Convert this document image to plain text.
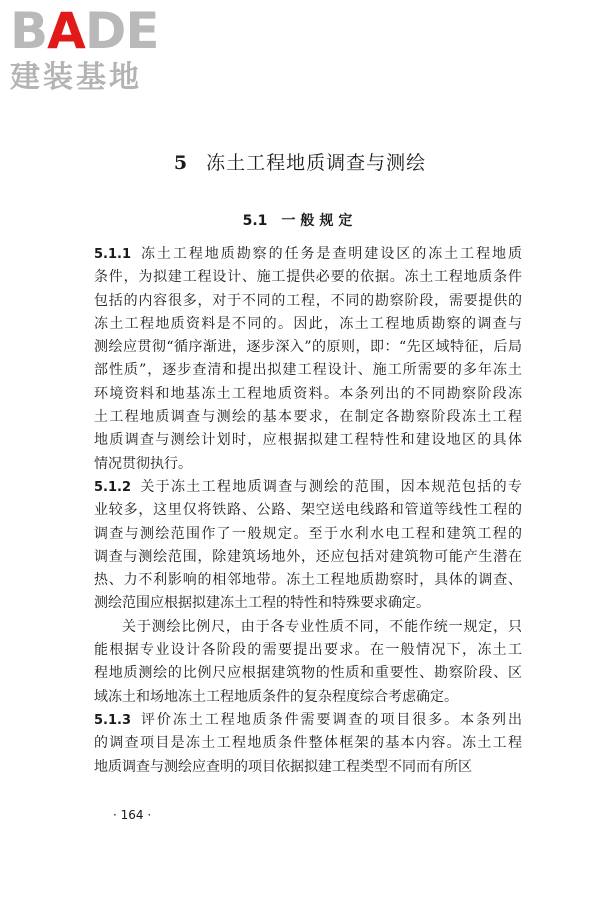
BADE
建装基地
5 冻土工程地质调查与测绘
5.1 一般规定
5.1.1 冻土工程地质勘察的任务是查明建设区的冻土工程地质
条件，为拟建工程设计、施工提供必要的依据。冻土工程地质条件
包括的内容很多，对于不同的工程，不同的勘察阶段，需要提供的
冻土工程地质资料是不同的。因此，冻土工程地质勘察的调查与
测绘应贯彻“循序渐进，逐步深入”的原则，即：“先区域特征，后局
部性质”，逐步查清和提出拟建工程设计、施工所需要的多年冻土
环境资料和地基冻土工程地质资料。本条列出的不同勘察阶段冻
土工程地质调查与测绘的基本要求，在制定各勘察阶段冻土工程
地质调查与测绘计划时，应根据拟建工程特性和建设地区的具体
情况贯彻执行。
5.1.2 关于冻土工程地质调查与测绘的范围，因本规范包括的专
业较多，这里仅将铁路、公路、架空送电线路和管道等线性工程的
调查与测绘范围作了一般规定。至于水利水电工程和建筑工程的
调查与测绘范围，除建筑场地外，还应包括对建筑物可能产生潜在
热、力不利影响的相邻地带。冻土工程地质勘察时，具体的调查、
测绘范围应根据拟建冻土工程的特性和特殊要求确定。
关于测绘比例尺，由于各专业性质不同，不能作统一规定，只
能根据专业设计各阶段的需要提出要求。在一般情况下，冻土工
程地质测绘的比例尺应根据建筑物的性质和重要性、勘察阶段、区
域冻土和场地冻土工程地质条件的复杂程度综合考虑确定。
5.1.3 评价冻土工程地质条件需要调查的项目很多。本条列出
的调查项目是冻土工程地质条件整体框架的基本内容。冻土工程
地质调查与测绘应查明的项目依据拟建工程类型不同而有所区
· 164 ·
